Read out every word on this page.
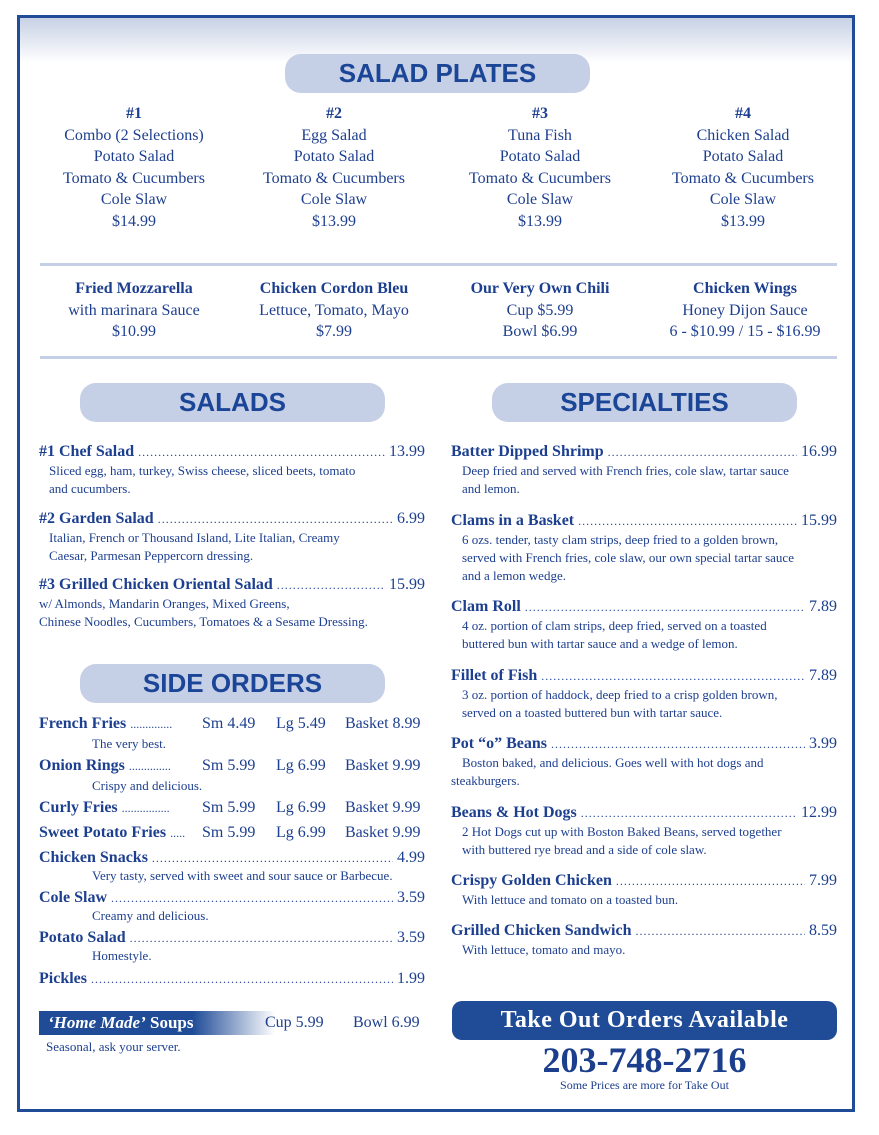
SALAD PLATES
#1
Combo (2 Selections)
Potato Salad
Tomato & Cucumbers
Cole Slaw
$14.99
#2
Egg Salad
Potato Salad
Tomato & Cucumbers
Cole Slaw
$13.99
#3
Tuna Fish
Potato Salad
Tomato & Cucumbers
Cole Slaw
$13.99
#4
Chicken Salad
Potato Salad
Tomato & Cucumbers
Cole Slaw
$13.99
Fried Mozzarella
with marinara Sauce
$10.99
Chicken Cordon Bleu
Lettuce, Tomato, Mayo
$7.99
Our Very Own Chili
Cup $5.99
Bowl $6.99
Chicken Wings
Honey Dijon Sauce
6 - $10.99 / 15 - $16.99
SALADS
#1 Chef Salad .....	13.99
Sliced egg, ham, turkey, Swiss cheese, sliced beets, tomato
and cucumbers.
#2 Garden Salad .....	6.99
Italian, French or Thousand Island, Lite Italian, Creamy
Caesar, Parmesan Peppercorn dressing.
#3 Grilled Chicken Oriental Salad .....	15.99
w/ Almonds, Mandarin Oranges, Mixed Greens,
Chinese Noodles, Cucumbers, Tomatoes & a Sesame Dressing.
SIDE ORDERS
French Fries .............. Sm 4.49 Lg 5.49 Basket 8.99
The very best.
Onion Rings .............. Sm 5.99 Lg 6.99 Basket 9.99
Crispy and delicious.
Curly Fries ................ Sm 5.99 Lg 6.99 Basket 9.99
Sweet Potato Fries ..... Sm 5.99 Lg 6.99 Basket 9.99
Chicken Snacks .....	4.99
Very tasty, served with sweet and sour sauce or Barbecue.
Cole Slaw .....	3.59
Creamy and delicious.
Potato Salad .....	3.59
Homestyle.
Pickles .....	1.99
‘Home Made’ Soups	Cup 5.99 Bowl 6.99
Seasonal, ask your server.
SPECIALTIES
Batter Dipped Shrimp .....	16.99
Deep fried and served with French fries, cole slaw, tartar sauce
and lemon.
Clams in a Basket .....	15.99
6 ozs. tender, tasty clam strips, deep fried to a golden brown,
served with French fries, cole slaw, our own special tartar sauce
and a lemon wedge.
Clam Roll .....	7.89
4 oz. portion of clam strips, deep fried, served on a toasted
buttered bun with tartar sauce and a wedge of lemon.
Fillet of Fish .....	7.89
3 oz. portion of haddock, deep fried to a crisp golden brown,
served on a toasted buttered bun with tartar sauce.
Pot “o” Beans .....	3.99
Boston baked, and delicious. Goes well with hot dogs and
steakburgers.
Beans & Hot Dogs .....	12.99
2 Hot Dogs cut up with Boston Baked Beans, served together
with buttered rye bread and a side of cole slaw.
Crispy Golden Chicken .....	7.99
With lettuce and tomato on a toasted bun.
Grilled Chicken Sandwich .....	8.59
With lettuce, tomato and mayo.
Take Out Orders Available
203-748-2716
Some Prices are more for Take Out
